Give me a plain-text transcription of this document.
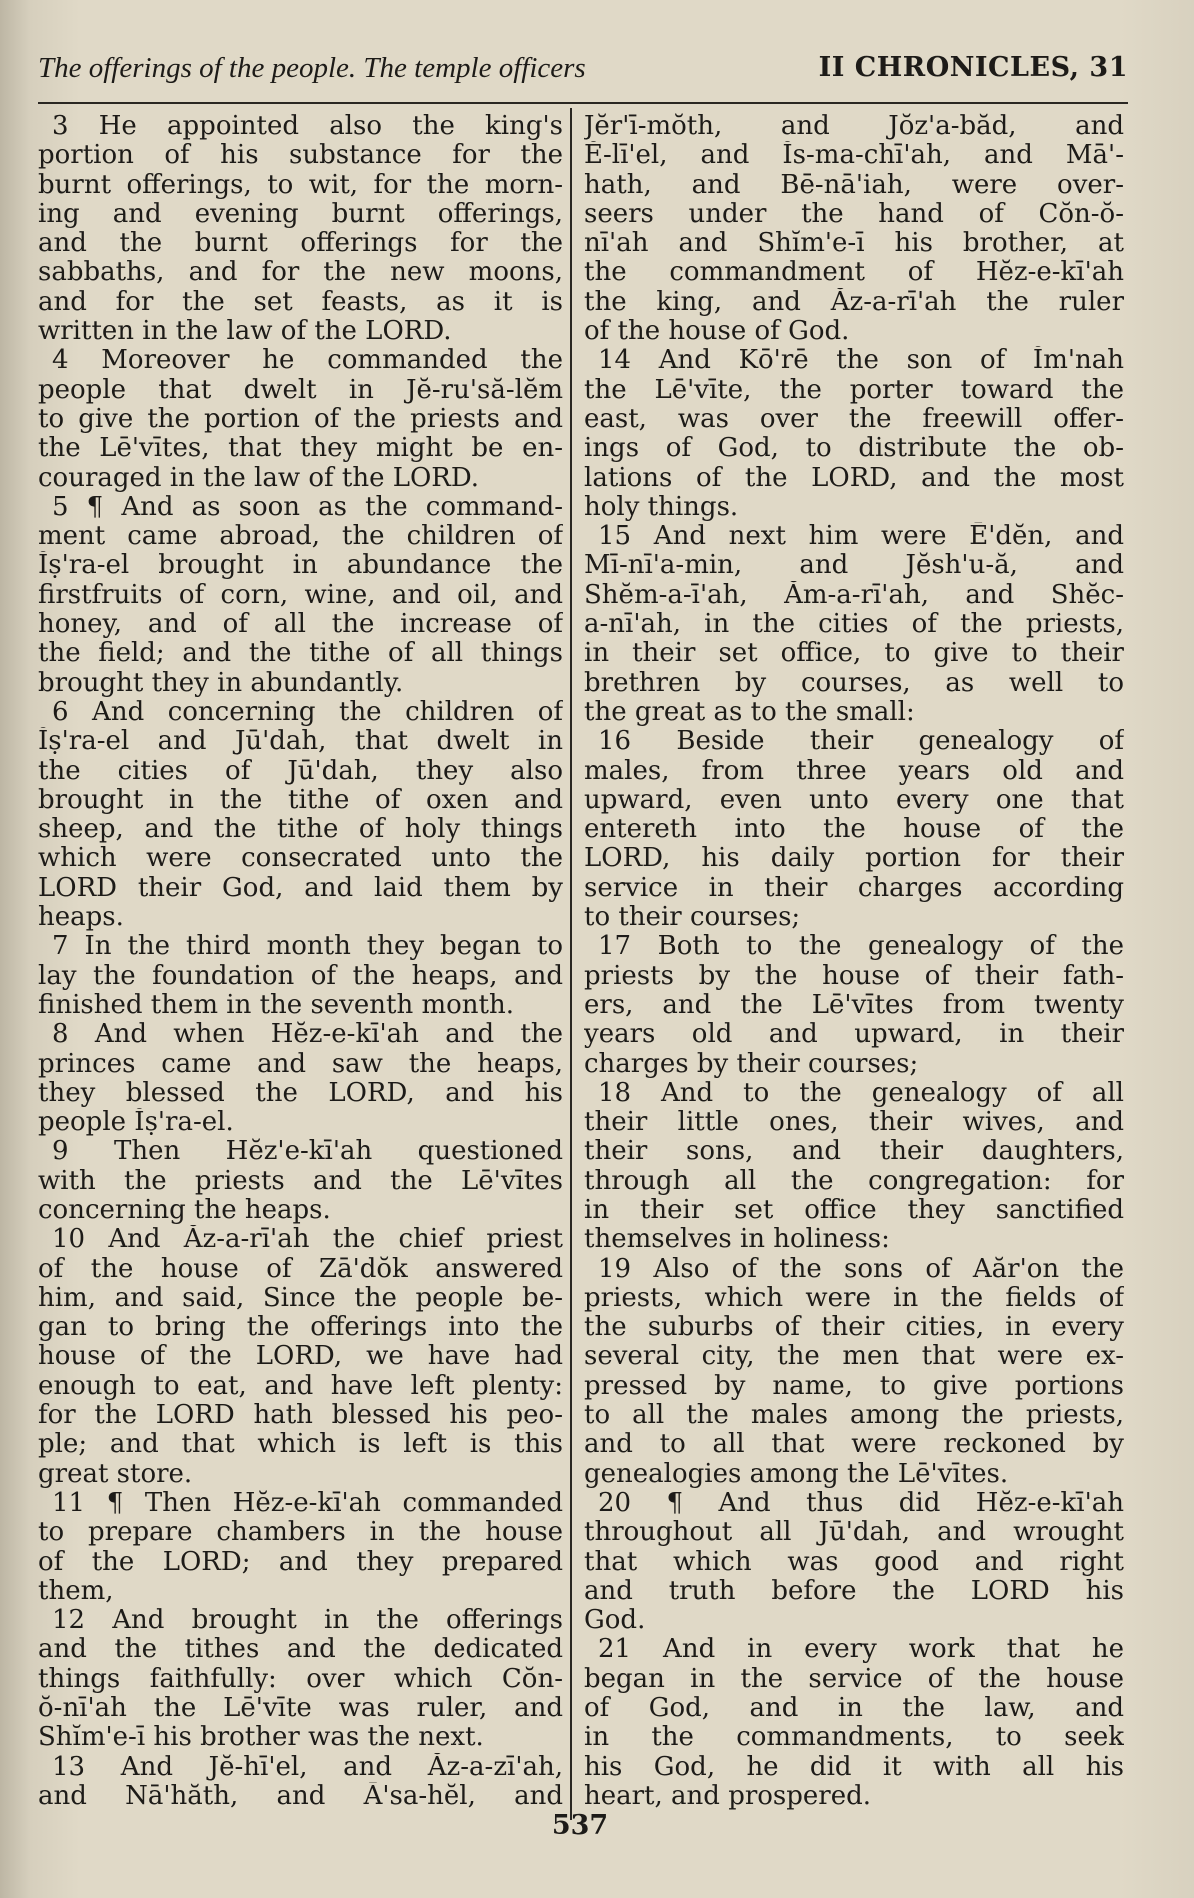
The offerings of the people. The temple officers	II CHRONICLES, 31
3 He appointed also the king's
portion of his substance for the
burnt offerings, to wit, for the morn-
ing and evening burnt offerings,
and the burnt offerings for the
sabbaths, and for the new moons,
and for the set feasts, as it is
written in the law of the LORD.
4 Moreover he commanded the
people that dwelt in Jĕ-ru'să-lĕm
to give the portion of the priests and
the Lē'vītes, that they might be en-
couraged in the law of the LORD.
5 ¶ And as soon as the command-
ment came abroad, the children of
Ĭṣ'ra-el brought in abundance the
firstfruits of corn, wine, and oil, and
honey, and of all the increase of
the field; and the tithe of all things
brought they in abundantly.
6 And concerning the children of
Ĭṣ'ra-el and Jū'dah, that dwelt in
the cities of Jū'dah, they also
brought in the tithe of oxen and
sheep, and the tithe of holy things
which were consecrated unto the
LORD their God, and laid them by
heaps.
7 In the third month they began to
lay the foundation of the heaps, and
finished them in the seventh month.
8 And when Hĕz-e-kī'ah and the
princes came and saw the heaps,
they blessed the LORD, and his
people Ĭṣ'ra-el.
9 Then Hĕz'e-kī'ah questioned
with the priests and the Lē'vītes
concerning the heaps.
10 And Ăz-a-rī'ah the chief priest
of the house of Zā'dŏk answered
him, and said, Since the people be-
gan to bring the offerings into the
house of the LORD, we have had
enough to eat, and have left plenty:
for the LORD hath blessed his peo-
ple; and that which is left is this
great store.
11 ¶ Then Hĕz-e-kī'ah commanded
to prepare chambers in the house
of the LORD; and they prepared
them,
12 And brought in the offerings
and the tithes and the dedicated
things faithfully: over which Cŏn-
ŏ-nī'ah the Lē'vīte was ruler, and
Shĭm'e-ī his brother was the next.
13 And Jĕ-hī'el, and Ăz-a-zī'ah,
and Nā'hăth, and Ā'sa-hĕl, and
Jĕr'ī-mŏth, and Jŏz'a-băd, and
Ĕ-lī'el, and Ĭs-ma-chī'ah, and Mā'-
hath, and Bē-nā'iah, were over-
seers under the hand of Cŏn-ŏ-
nī'ah and Shĭm'e-ī his brother, at
the commandment of Hĕz-e-kī'ah
the king, and Ăz-a-rī'ah the ruler
of the house of God.
14 And Kō'rē the son of Ĭm'nah
the Lē'vīte, the porter toward the
east, was over the freewill offer-
ings of God, to distribute the ob-
lations of the LORD, and the most
holy things.
15 And next him were Ē'dĕn, and
Mī-nī'a-min, and Jĕsh'u-ă, and
Shĕm-a-ī'ah, Ăm-a-rī'ah, and Shĕc-
a-nī'ah, in the cities of the priests,
in their set office, to give to their
brethren by courses, as well to
the great as to the small:
16 Beside their genealogy of
males, from three years old and
upward, even unto every one that
entereth into the house of the
LORD, his daily portion for their
service in their charges according
to their courses;
17 Both to the genealogy of the
priests by the house of their fath-
ers, and the Lē'vītes from twenty
years old and upward, in their
charges by their courses;
18 And to the genealogy of all
their little ones, their wives, and
their sons, and their daughters,
through all the congregation: for
in their set office they sanctified
themselves in holiness:
19 Also of the sons of Aăr'on the
priests, which were in the fields of
the suburbs of their cities, in every
several city, the men that were ex-
pressed by name, to give portions
to all the males among the priests,
and to all that were reckoned by
genealogies among the Lē'vītes.
20 ¶ And thus did Hĕz-e-kī'ah
throughout all Jū'dah, and wrought
that which was good and right
and truth before the LORD his
God.
21 And in every work that he
began in the service of the house
of God, and in the law, and
in the commandments, to seek
his God, he did it with all his
heart, and prospered.
537
